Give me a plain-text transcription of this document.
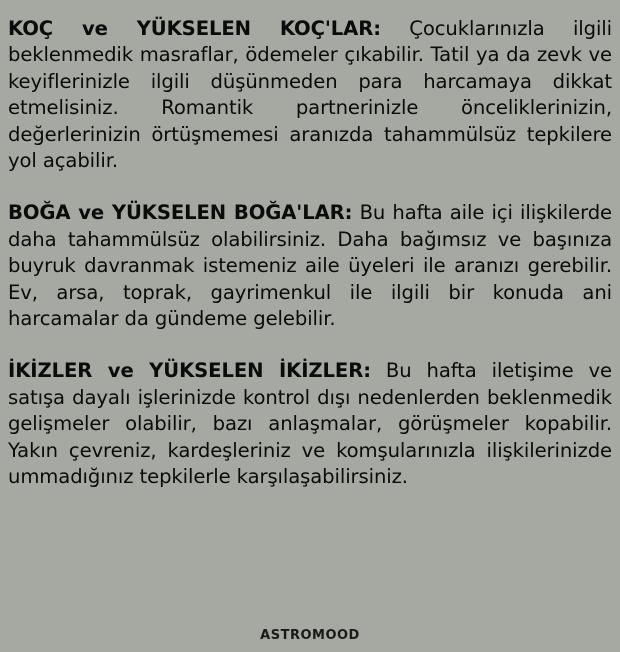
KOÇ ve YÜKSELEN KOÇ'LAR: Çocuklarınızla ilgili beklenmedik masraflar, ödemeler çıkabilir. Tatil ya da zevk ve keyiflerinizle ilgili düşünmeden para harcamaya dikkat etmelisiniz. Romantik partnerinizle önceliklerinizin, değerlerinizin örtüşmemesi aranızda tahammülsüz tepkilere yol açabilir.

BOĞA ve YÜKSELEN BOĞA'LAR: Bu hafta aile içi ilişkilerde daha tahammülsüz olabilirsiniz. Daha bağımsız ve başınıza buyruk davranmak istemeniz aile üyeleri ile aranızı gerebilir. Ev, arsa, toprak, gayrimenkul ile ilgili bir konuda ani harcamalar da gündeme gelebilir.

İKİZLER ve YÜKSELEN İKİZLER: Bu hafta iletişime ve satışa dayalı işlerinizde kontrol dışı nedenlerden beklenmedik gelişmeler olabilir, bazı anlaşmalar, görüşmeler kopabilir. Yakın çevreniz, kardeşleriniz ve komşularınızla ilişkilerinizde ummadığınız tepkilerle karşılaşabilirsiniz.

ASTROMOOD
